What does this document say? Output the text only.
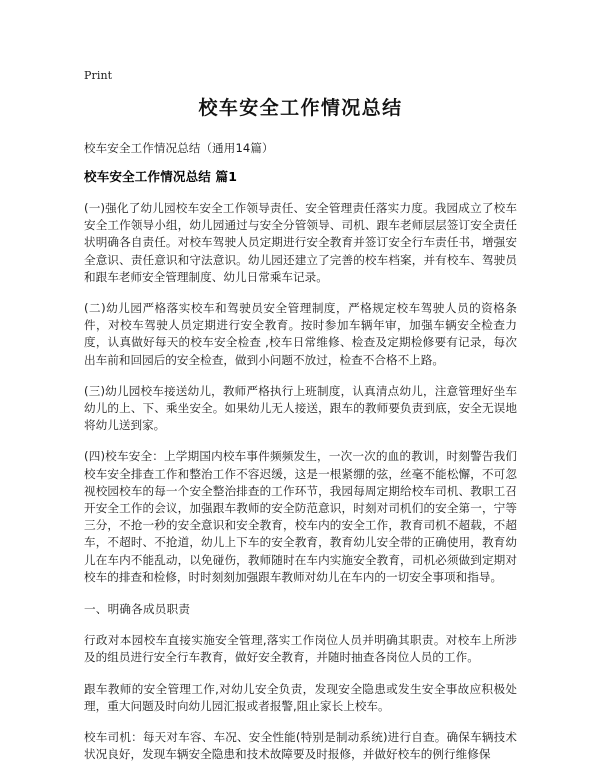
Print
校车安全工作情况总结

校车安全工作情况总结（通用14篇）

校车安全工作情况总结 篇1

(一)强化了幼儿园校车安全工作领导责任、安全管理责任落实力度。我园成立了校车安全工作领导小组，幼儿园通过与安全分管领导、司机、跟车老师层层签订安全责任状明确各自责任。对校车驾驶人员定期进行安全教育并签订安全行车责任书，增强安全意识、责任意识和守法意识。幼儿园还建立了完善的校车档案，并有校车、驾驶员和跟车老师安全管理制度、幼儿日常乘车记录。

(二)幼儿园严格落实校车和驾驶员安全管理制度，严格规定校车驾驶人员的资格条件，对校车驾驶人员定期进行安全教育。按时参加车辆年审，加强车辆安全检查力度，认真做好每天的校车安全检查 ,校车日常维修、检查及定期检修要有记录，每次出车前和回园后的安全检查，做到小问题不放过，检查不合格不上路。

(三)幼儿园校车接送幼儿，教师严格执行上班制度，认真清点幼儿，注意管理好坐车幼儿的上、下、乘坐安全。如果幼儿无人接送，跟车的教师要负责到底，安全无误地将幼儿送到家。

(四)校车安全：上学期国内校车事件频频发生，一次一次的血的教训，时刻警告我们校车安全排查工作和整治工作不容迟缓，这是一根紧绷的弦，丝毫不能松懈，不可忽视校园校车的每一个安全整治排查的工作环节，我园每周定期给校车司机、教职工召开安全工作的会议，加强跟车教师的安全防范意识，时刻对司机们的安全第一，宁等三分，不抢一秒的安全意识和安全教育，校车内的安全工作，教育司机不超载，不超车，不超时、不抢道，幼儿上下车的安全教育，教育幼儿安全带的正确使用，教育幼儿在车内不能乱动，以免碰伤，教师随时在车内实施安全教育，司机必须做到定期对校车的排查和检修，时时刻刻加强跟车教师对幼儿在车内的一切安全事项和指导。

一、明确各成员职责

行政对本园校车直接实施安全管理,落实工作岗位人员并明确其职责。对校车上所涉及的组员进行安全行车教育，做好安全教育，并随时抽查各岗位人员的工作。

跟车教师的安全管理工作,对幼儿安全负责，发现安全隐患或发生安全事故应积极处理，重大问题及时向幼儿园汇报或者报警,阻止家长上校车。

校车司机：每天对车容、车况、安全性能(特别是制动系统)进行自查。确保车辆技术状况良好，发现车辆安全隐患和技术故障要及时报修，并做好校车的例行维修保
